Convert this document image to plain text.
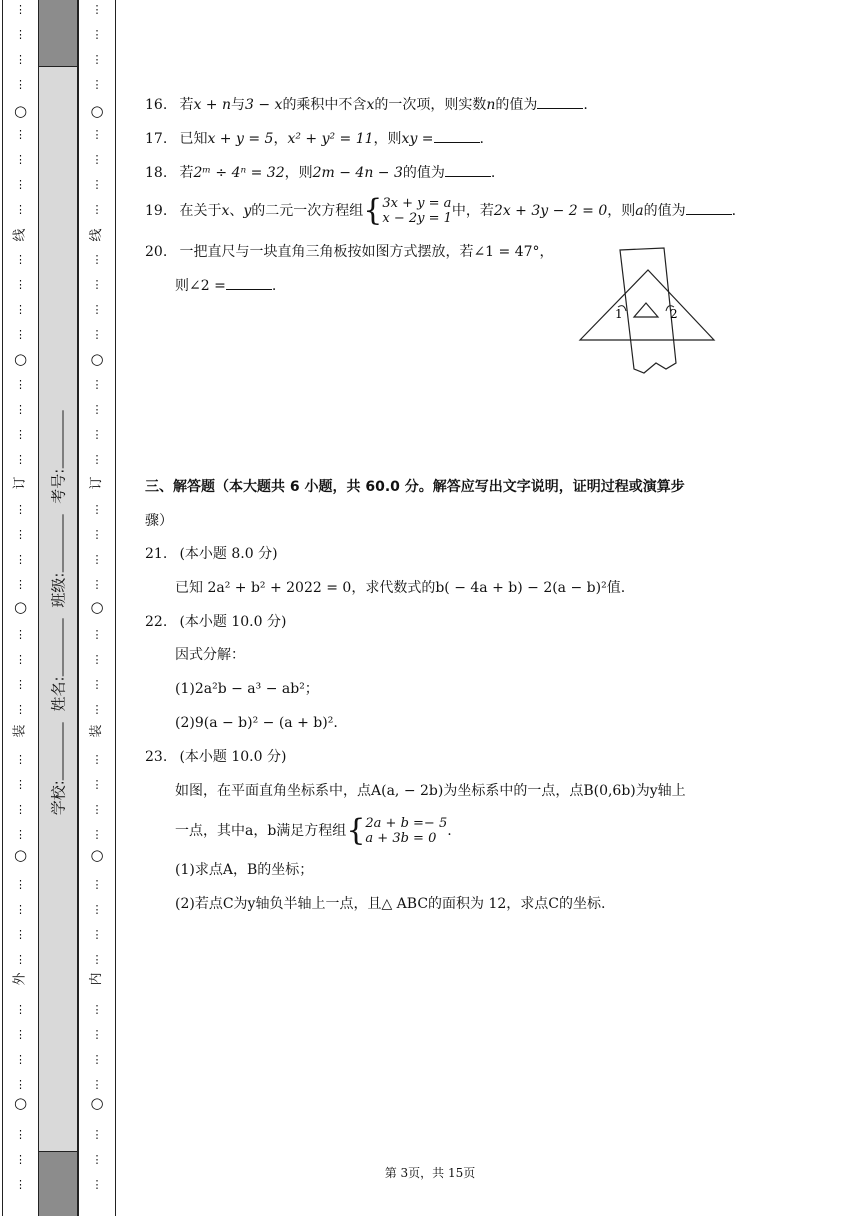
⋮
⋮
⋮
⋮
⋮
⋮
⋮
⋮
⋮
⋮
⋮
⋮
⋮
⋮
⋮
⋮
⋮
⋮
⋮
⋮
⋮
⋮
⋮
⋮
⋮
⋮
⋮
⋮
⋮
⋮
⋮
⋮
⋮
⋮
⋮
⋮
⋮
⋮
⋮
○
○
○
○
○
线
订
装
外
⋮
⋮
⋮
⋮
⋮
⋮
⋮
⋮
⋮
⋮
⋮
⋮
⋮
⋮
⋮
⋮
⋮
⋮
⋮
⋮
⋮
⋮
⋮
⋮
⋮
⋮
⋮
⋮
⋮
⋮
⋮
⋮
⋮
⋮
⋮
⋮
⋮
⋮
⋮
○
○
○
○
○
线
订
装
内
学校: 姓名: 班级: 考号:
16. 若x + n与3 − x的乘积中不含x的一次项，则实数n的值为	.
17. 已知x + y = 5，x² + y² = 11，则xy =	.
18. 若2ᵐ ÷ 4ⁿ = 32，则2m − 4n − 3的值为	.
19. 在关于x、y的二元一次方程组{3x + y = a
x − 2y = 1中，若2x + 3y − 2 = 0，则a的值为	.
20. 一把直尺与一块直角三角板按如图方式摆放，若∠1 = 47°，
则∠2 =	.
三、解答题（本大题共 6 小题，共 60.0 分。解答应写出文字说明，证明过程或演算步
骤）
21. (本小题 8.0 分)
已知 2a² + b² + 2022 = 0，求代数式的b( − 4a + b) − 2(a − b)²值.
22. (本小题 10.0 分)
因式分解：
(1)2a²b − a³ − ab²；
(2)9(a − b)² − (a + b)².
23. (本小题 10.0 分)
如图，在平面直角坐标系中，点A(a, − 2b)为坐标系中的一点，点B(0,6b)为y轴上
一点，其中a，b满足方程组{2a + b =− 5
a + 3b = 0 .
(1)求点A，B的坐标；
(2)若点C为y轴负半轴上一点，且△ ABC的面积为 12，求点C的坐标.
1	2
第 3页，共 15页
